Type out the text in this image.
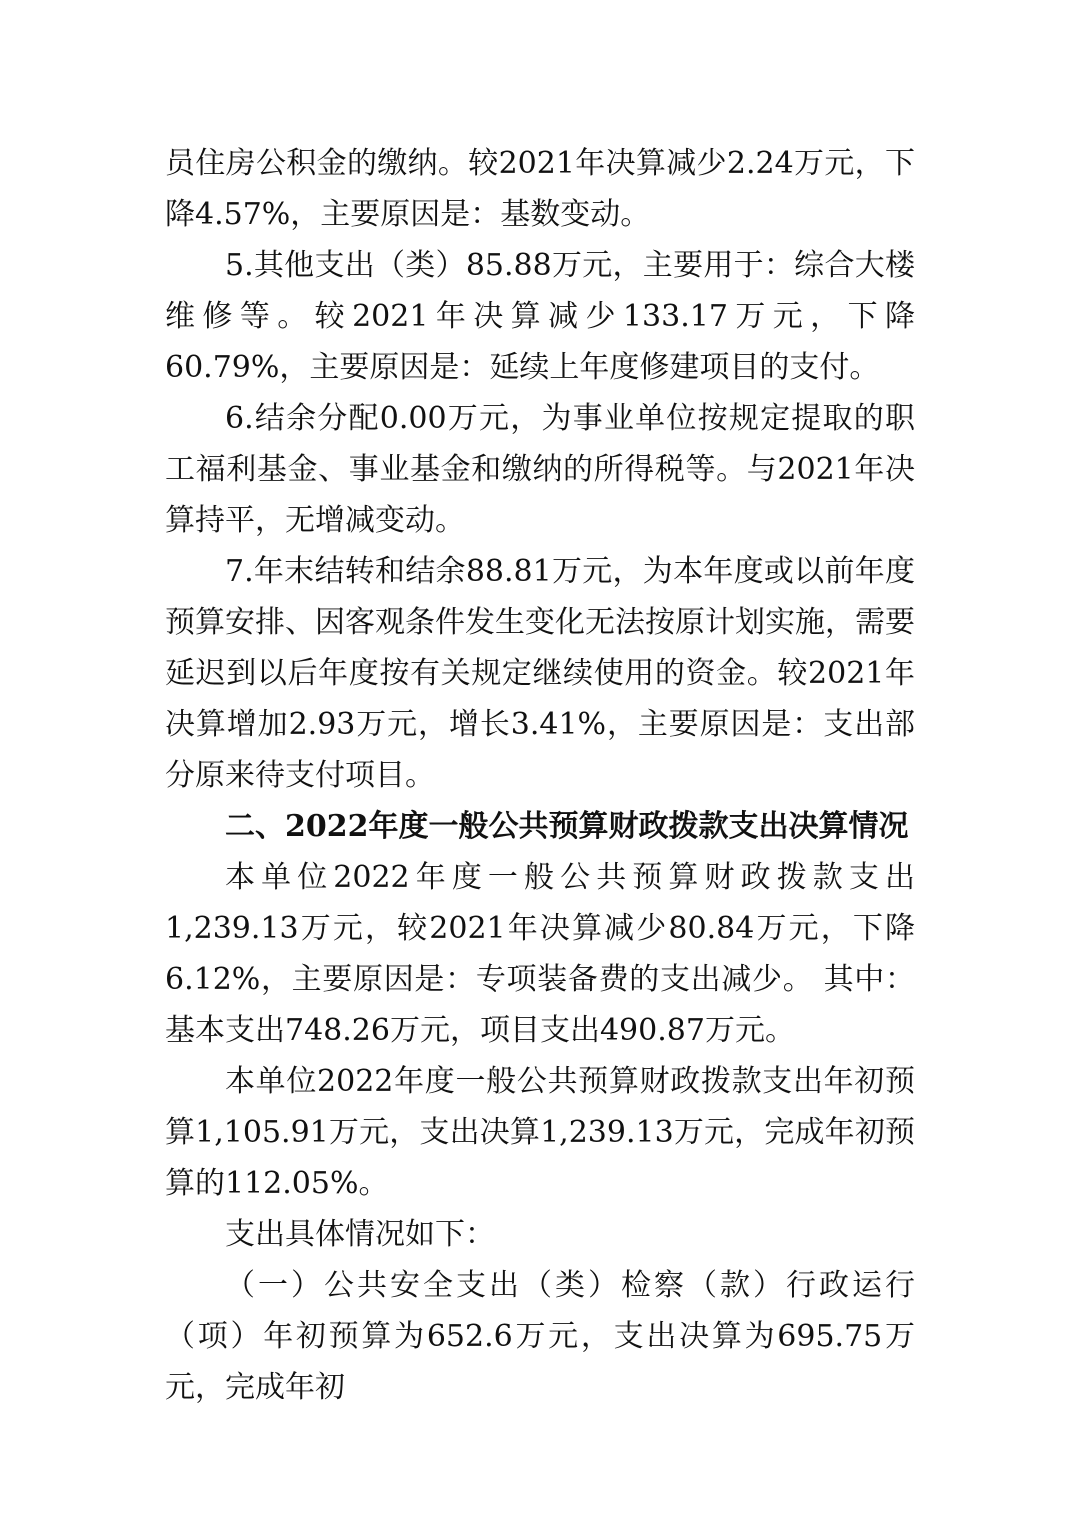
员住房公积金的缴纳。较2021年决算减少2.24万元，下降4.57%，主要原因是：基数变动。

5.其他支出（类）85.88万元，主要用于：综合大楼维修等。较2021年决算减少133.17万元，下降60.79%，主要原因是：延续上年度修建项目的支付。

6.结余分配0.00万元，为事业单位按规定提取的职工福利基金、事业基金和缴纳的所得税等。与2021年决算持平，无增减变动。

7.年末结转和结余88.81万元，为本年度或以前年度预算安排、因客观条件发生变化无法按原计划实施，需要延迟到以后年度按有关规定继续使用的资金。较2021年决算增加2.93万元，增长3.41%，主要原因是：支出部分原来待支付项目。

二、2022年度一般公共预算财政拨款支出决算情况

本单位2022年度一般公共预算财政拨款支出1,239.13万元，较2021年决算减少80.84万元，下降6.12%，主要原因是：专项装备费的支出减少。 其中：基本支出748.26万元，项目支出490.87万元。

本单位2022年度一般公共预算财政拨款支出年初预算1,105.91万元，支出决算1,239.13万元，完成年初预算的112.05%。

支出具体情况如下：

（一）公共安全支出（类）检察（款）行政运行（项）年初预算为652.6万元，支出决算为695.75万元，完成年初
